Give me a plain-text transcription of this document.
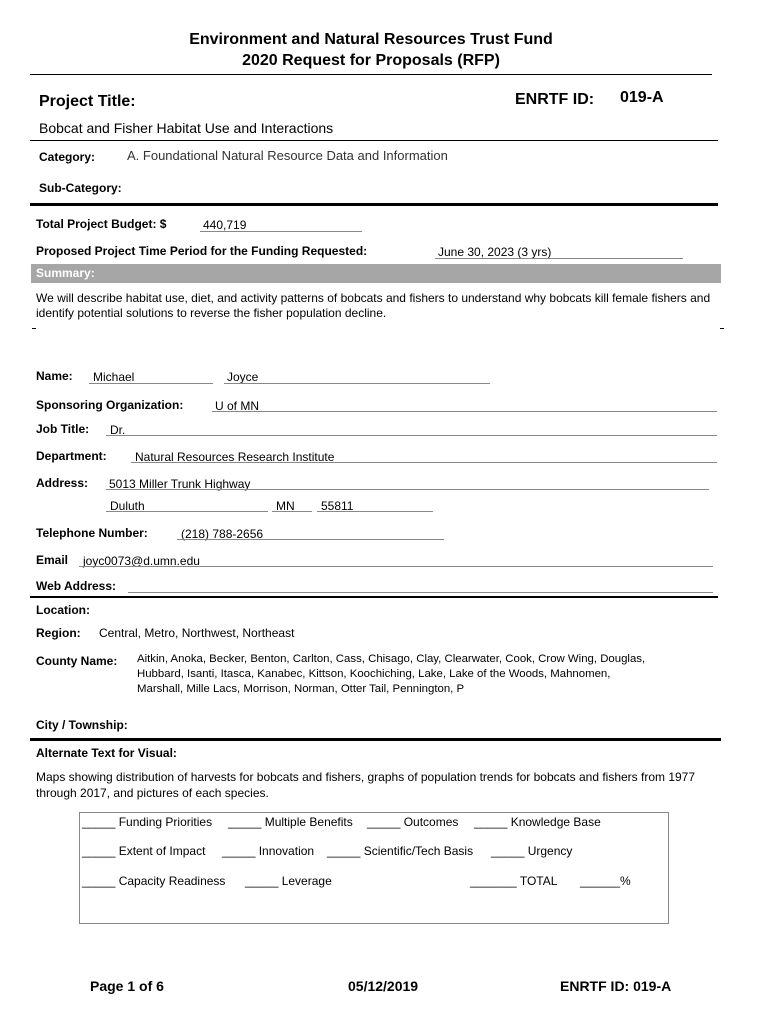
Environment and Natural Resources Trust Fund
2020 Request for Proposals (RFP)
Project Title:	ENRTF ID: 019-A
Bobcat and Fisher Habitat Use and Interactions
Category: A. Foundational Natural Resource Data and Information
Sub-Category:
Total Project Budget: $	440,719
Proposed Project Time Period for the Funding Requested:	June 30, 2023 (3 yrs)
Summary:
We will describe habitat use, diet, and activity patterns of bobcats and fishers to understand why bobcats kill female fishers and identify potential solutions to reverse the fisher population decline.
Name: Michael	Joyce
Sponsoring Organization:	U of MN
Job Title: Dr.
Department: Natural Resources Research Institute
Address: 5013 Miller Trunk Highway
Duluth	MN 55811
Telephone Number:	(218) 788-2656
Email joyc0073@d.umn.edu
Web Address:
Location:
Region: Central, Metro, Northwest, Northeast
County Name: Aitkin, Anoka, Becker, Benton, Carlton, Cass, Chisago, Clay, Clearwater, Cook, Crow Wing, Douglas,
Hubbard, Isanti, Itasca, Kanabec, Kittson, Koochiching, Lake, Lake of the Woods, Mahnomen,
Marshall, Mille Lacs, Morrison, Norman, Otter Tail, Pennington, P
City / Township:
Alternate Text for Visual:
Maps showing distribution of harvests for bobcats and fishers, graphs of population trends for bobcats and fishers from 1977 through 2017, and pictures of each species.
_____ Funding Priorities _____ Multiple Benefits _____ Outcomes _____ Knowledge Base
_____ Extent of Impact _____ Innovation _____ Scientific/Tech Basis _____ Urgency
_____ Capacity Readiness _____ Leverage	_______ TOTAL ______%
Page 1 of 6	05/12/2019	ENRTF ID: 019-A
